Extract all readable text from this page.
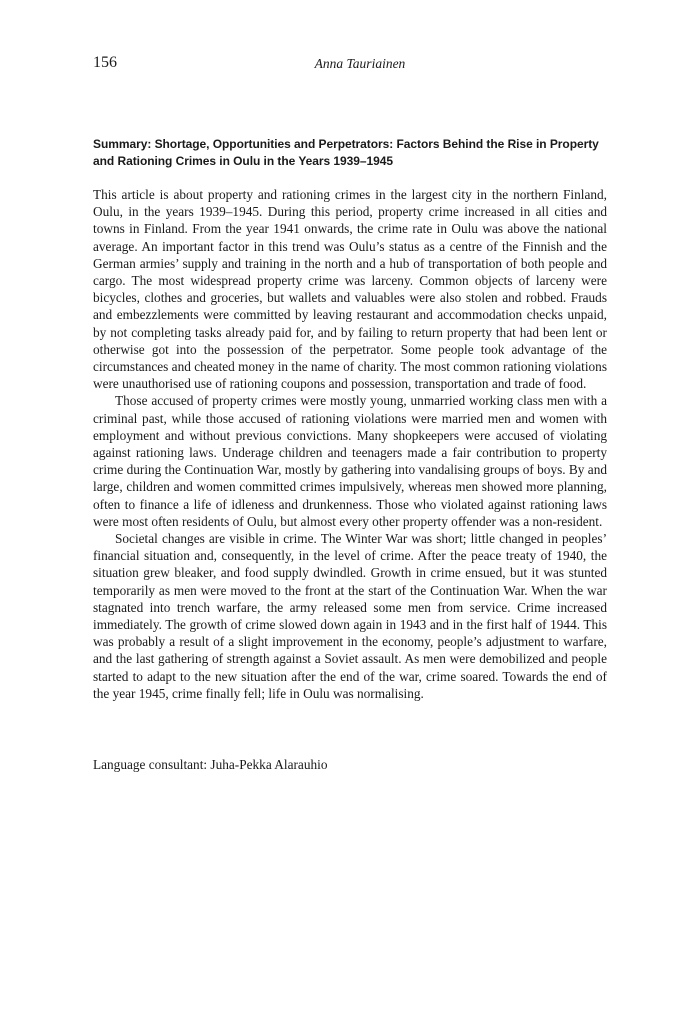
156	Anna Tauriainen
Summary: Shortage, Opportunities and Perpetrators: Factors Behind the Rise in Property and Rationing Crimes in Oulu in the Years 1939–1945

This article is about property and rationing crimes in the largest city in the northern Finland, Oulu, in the years 1939–1945. During this period, property crime increased in all cities and towns in Finland. From the year 1941 onwards, the crime rate in Oulu was above the national average. An important factor in this trend was Oulu’s status as a centre of the Finnish and the German armies’ supply and training in the north and a hub of transportation of both people and cargo. The most widespread property crime was larceny. Common objects of larceny were bicycles, clothes and groceries, but wallets and valuables were also stolen and robbed. Frauds and embezzlements were committed by leaving restaurant and accommodation checks unpaid, by not completing tasks already paid for, and by failing to return property that had been lent or otherwise got into the possession of the perpetrator. Some people took advantage of the circumstances and cheated money in the name of charity. The most common rationing violations were unauthorised use of rationing coupons and possession, transportation and trade of food.

Those accused of property crimes were mostly young, unmarried working class men with a criminal past, while those accused of rationing violations were married men and women with employment and without previous convictions. Many shopkeepers were accused of violating against rationing laws. Underage children and teenagers made a fair contribution to property crime during the Continuation War, mostly by gathering into vandalising groups of boys. By and large, children and women committed crimes impulsively, whereas men showed more planning, often to finance a life of idleness and drunkenness. Those who violated against rationing laws were most often residents of Oulu, but almost every other property offender was a non-resident.

Societal changes are visible in crime. The Winter War was short; little changed in peoples’ financial situation and, consequently, in the level of crime. After the peace treaty of 1940, the situation grew bleaker, and food supply dwindled. Growth in crime ensued, but it was stunted temporarily as men were moved to the front at the start of the Continuation War. When the war stagnated into trench warfare, the army released some men from service. Crime increased immediately. The growth of crime slowed down again in 1943 and in the first half of 1944. This was probably a result of a slight improvement in the economy, people’s adjustment to warfare, and the last gathering of strength against a Soviet assault. As men were demobilized and people started to adapt to the new situation after the end of the war, crime soared. Towards the end of the year 1945, crime finally fell; life in Oulu was normalising.

Language consultant: Juha-Pekka Alarauhio
